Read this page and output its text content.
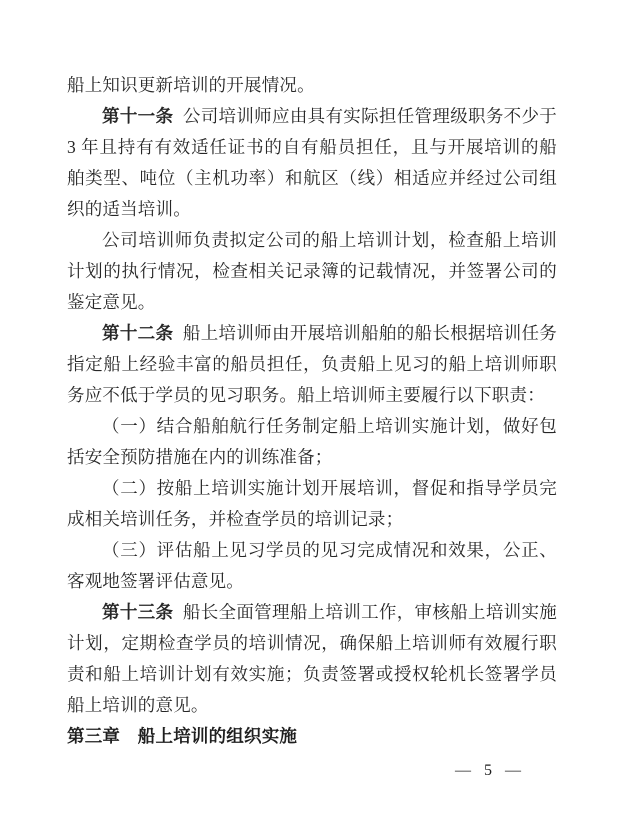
船上知识更新培训的开展情况。

第十一条 公司培训师应由具有实际担任管理级职务不少于 3 年且持有有效适任证书的自有船员担任，且与开展培训的船舶类型、吨位（主机功率）和航区（线）相适应并经过公司组织的适当培训。

公司培训师负责拟定公司的船上培训计划，检查船上培训计划的执行情况，检查相关记录簿的记载情况，并签署公司的鉴定意见。

第十二条 船上培训师由开展培训船舶的船长根据培训任务指定船上经验丰富的船员担任，负责船上见习的船上培训师职务应不低于学员的见习职务。船上培训师主要履行以下职责：

（一）结合船舶航行任务制定船上培训实施计划，做好包括安全预防措施在内的训练准备；

（二）按船上培训实施计划开展培训，督促和指导学员完成相关培训任务，并检查学员的培训记录；

（三）评估船上见习学员的见习完成情况和效果，公正、客观地签署评估意见。

第十三条 船长全面管理船上培训工作，审核船上培训实施计划，定期检查学员的培训情况，确保船上培训师有效履行职责和船上培训计划有效实施；负责签署或授权轮机长签署学员船上培训的意见。

第三章　船上培训的组织实施

— 5 —
